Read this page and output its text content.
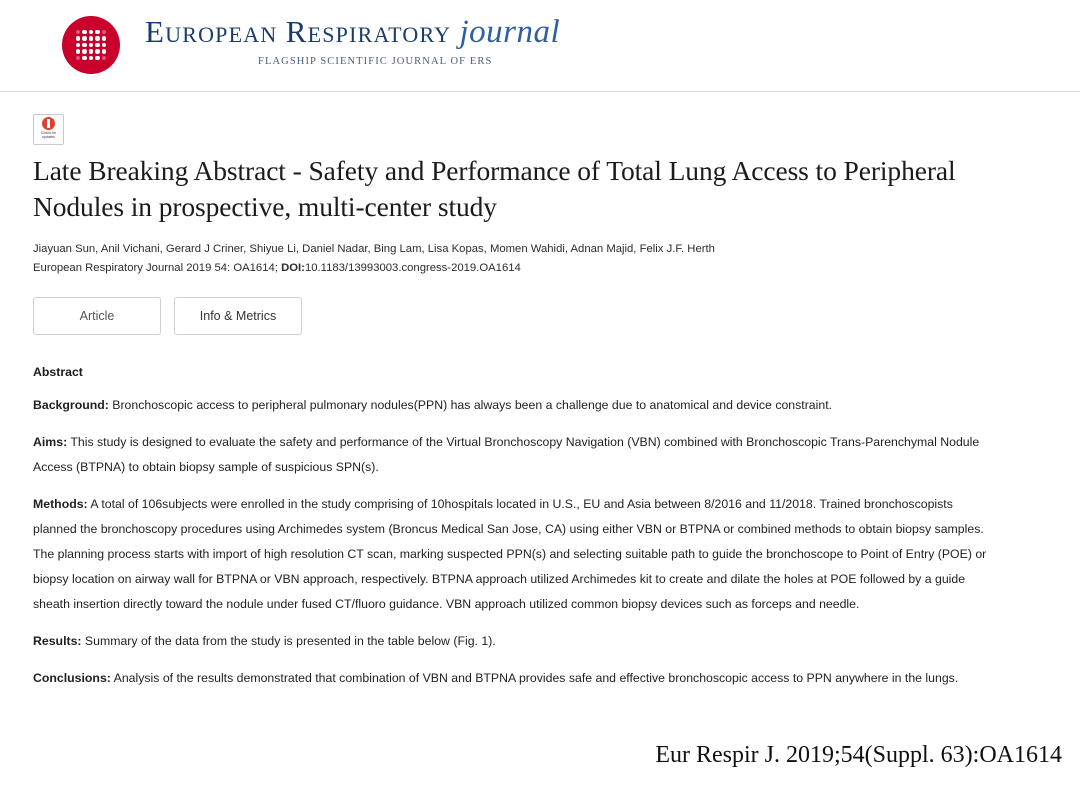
European Respiratory journal
FLAGSHIP SCIENTIFIC JOURNAL OF ERS
Check for updates
Late Breaking Abstract - Safety and Performance of Total Lung Access to Peripheral Nodules in prospective, multi-center study
Jiayuan Sun, Anil Vichani, Gerard J Criner, Shiyue Li, Daniel Nadar, Bing Lam, Lisa Kopas, Momen Wahidi, Adnan Majid, Felix J.F. Herth
European Respiratory Journal 2019 54: OA1614; DOI:10.1183/13993003.congress-2019.OA1614
Article	Info & Metrics
Abstract

Background: Bronchoscopic access to peripheral pulmonary nodules(PPN) has always been a challenge due to anatomical and device constraint.

Aims: This study is designed to evaluate the safety and performance of the Virtual Bronchoscopy Navigation (VBN) combined with Bronchoscopic Trans-Parenchymal Nodule Access (BTPNA) to obtain biopsy sample of suspicious SPN(s).

Methods: A total of 106subjects were enrolled in the study comprising of 10hospitals located in U.S., EU and Asia between 8/2016 and 11/2018. Trained bronchoscopists planned the bronchoscopy procedures using Archimedes system (Broncus Medical San Jose, CA) using either VBN or BTPNA or combined methods to obtain biopsy samples. The planning process starts with import of high resolution CT scan, marking suspected PPN(s) and selecting suitable path to guide the bronchoscope to Point of Entry (POE) or biopsy location on airway wall for BTPNA or VBN approach, respectively. BTPNA approach utilized Archimedes kit to create and dilate the holes at POE followed by a guide sheath insertion directly toward the nodule under fused CT/fluoro guidance. VBN approach utilized common biopsy devices such as forceps and needle.

Results: Summary of the data from the study is presented in the table below (Fig. 1).

Conclusions: Analysis of the results demonstrated that combination of VBN and BTPNA provides safe and effective bronchoscopic access to PPN anywhere in the lungs.

Eur Respir J. 2019;54(Suppl. 63):OA1614
